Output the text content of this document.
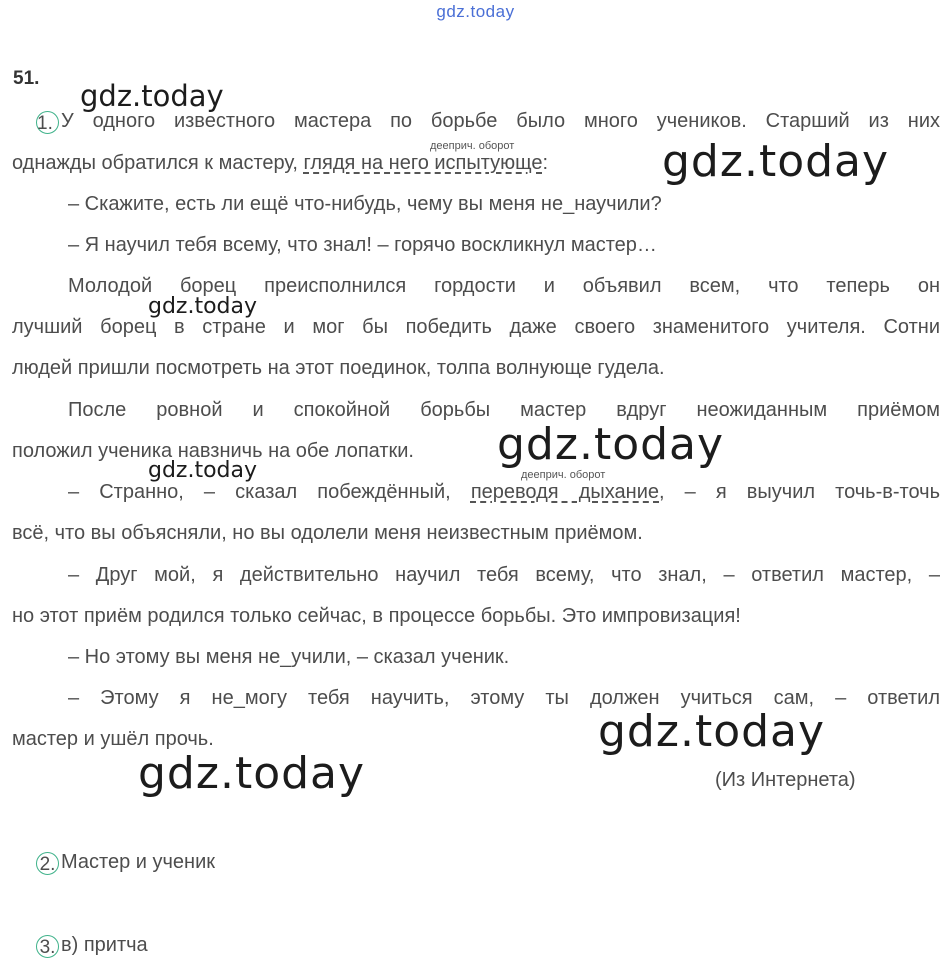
gdz.today
51.
gdz.today
gdz.today
gdz.today
gdz.today
gdz.today
gdz.today
gdz.today
дееприч. оборот
дееприч. оборот
1. У одного известного мастера по борьбе было много учеников. Старший из них
однажды обратился к мастеру, глядя на него испытующе:
– Скажите, есть ли ещё что-нибудь, чему вы меня не_научили?
– Я научил тебя всему, что знал! – горячо воскликнул мастер…
Молодой борец преисполнился гордости и объявил всем, что теперь он
лучший борец в стране и мог бы победить даже своего знаменитого учителя. Сотни
людей пришли посмотреть на этот поединок, толпа волнующе гудела.
После ровной и спокойной борьбы мастер вдруг неожиданным приёмом
положил ученика навзничь на обе лопатки.
– Странно, – сказал побеждённый, переводя дыхание, – я выучил точь-в-точь
всё, что вы объясняли, но вы одолели меня неизвестным приёмом.
– Друг мой, я действительно научил тебя всему, что знал, – ответил мастер, –
но этот приём родился только сейчас, в процессе борьбы. Это импровизация!
– Но этому вы меня не_учили, – сказал ученик.
– Этому я не_могу тебя научить, этому ты должен учиться сам, – ответил
мастер и ушёл прочь.
(Из Интернета)
2. Мастер и ученик
3. в) притча
